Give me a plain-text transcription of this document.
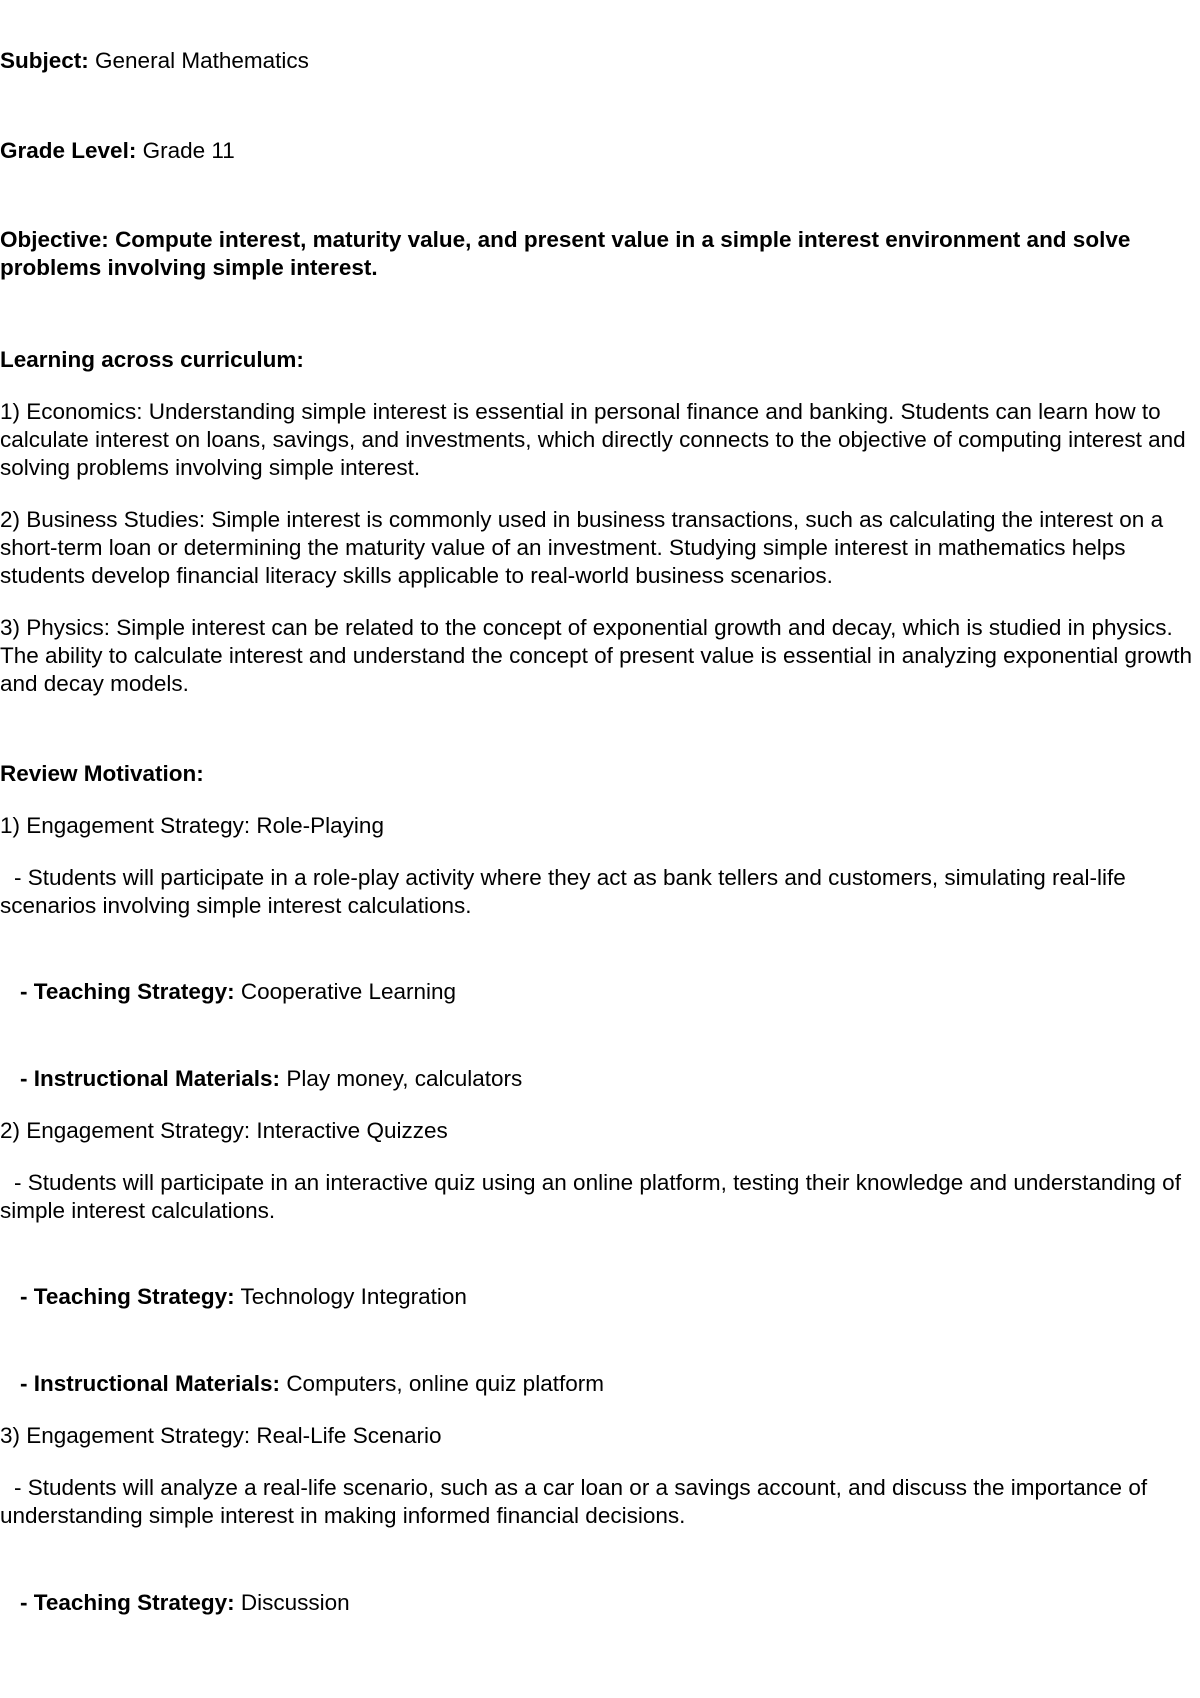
Subject: General Mathematics

Grade Level: Grade 11

Objective: Compute interest, maturity value, and present value in a simple interest environment and solve problems involving simple interest.

Learning across curriculum:

1) Economics: Understanding simple interest is essential in personal finance and banking. Students can learn how to calculate interest on loans, savings, and investments, which directly connects to the objective of computing interest and solving problems involving simple interest.

2) Business Studies: Simple interest is commonly used in business transactions, such as calculating the interest on a short-term loan or determining the maturity value of an investment. Studying simple interest in mathematics helps students develop financial literacy skills applicable to real-world business scenarios.

3) Physics: Simple interest can be related to the concept of exponential growth and decay, which is studied in physics. The ability to calculate interest and understand the concept of present value is essential in analyzing exponential growth and decay models.

Review Motivation:

1) Engagement Strategy: Role-Playing

- Students will participate in a role-play activity where they act as bank tellers and customers, simulating real-life scenarios involving simple interest calculations.

- Teaching Strategy: Cooperative Learning

- Instructional Materials: Play money, calculators

2) Engagement Strategy: Interactive Quizzes

- Students will participate in an interactive quiz using an online platform, testing their knowledge and understanding of simple interest calculations.

- Teaching Strategy: Technology Integration

- Instructional Materials: Computers, online quiz platform

3) Engagement Strategy: Real-Life Scenario

- Students will analyze a real-life scenario, such as a car loan or a savings account, and discuss the importance of understanding simple interest in making informed financial decisions.

- Teaching Strategy: Discussion
